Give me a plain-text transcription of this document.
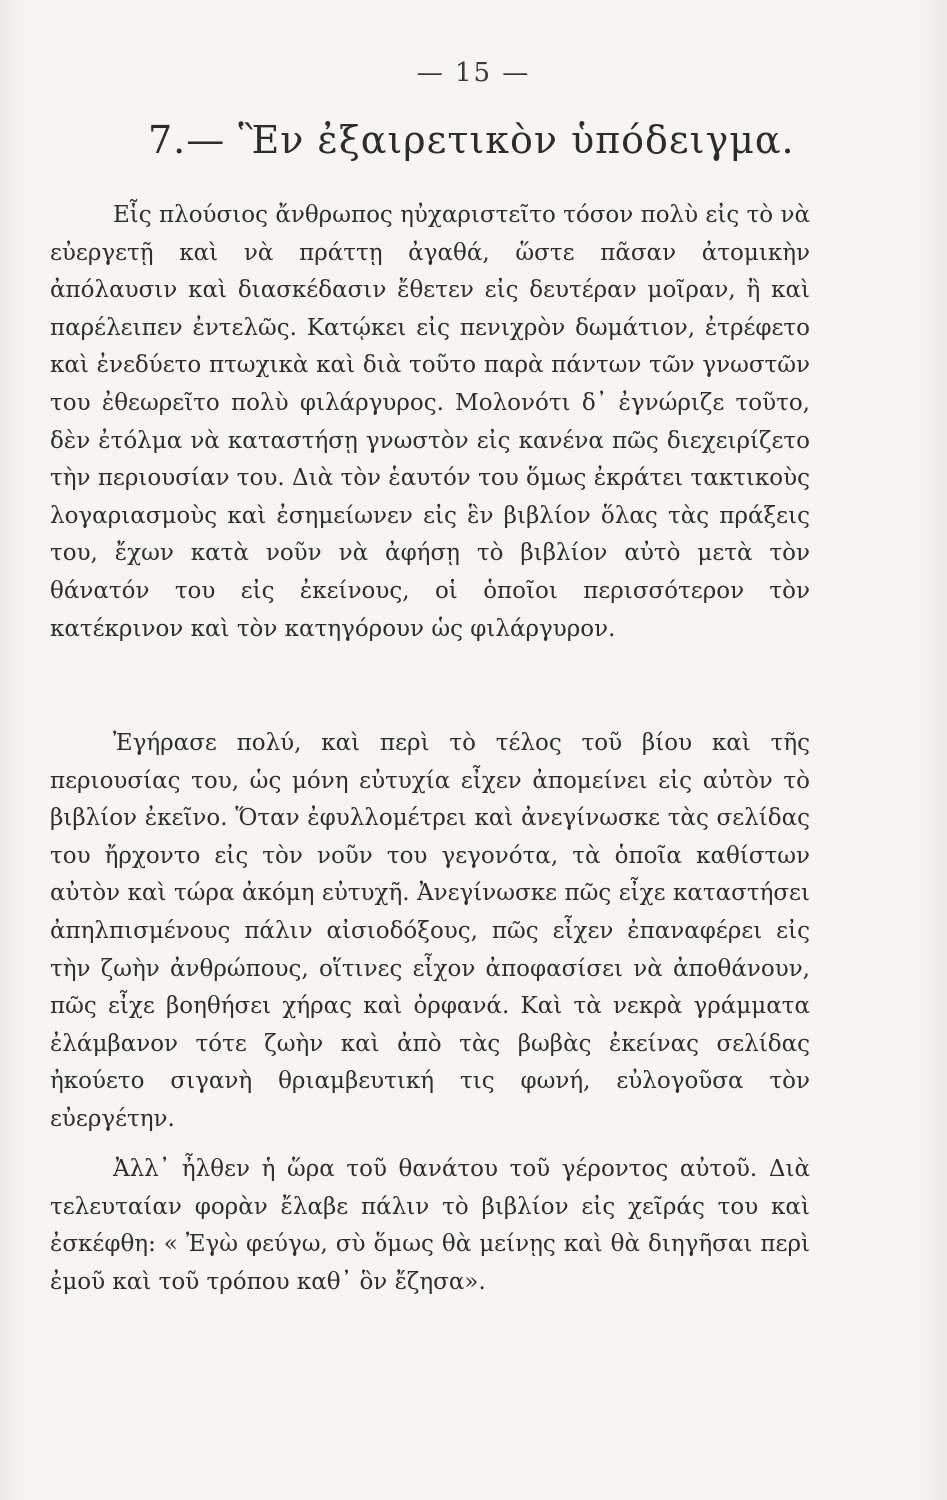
— 15 —
7.— Ἓν ἐξαιρετικὸν ὑπόδειγμα.

Εἷς πλούσιος ἄνθρωπος ηὐχαριστεῖτο τόσον πολὺ εἰς τὸ νὰ εὐεργετῇ καὶ νὰ πράττῃ ἀγαθά, ὥστε πᾶσαν ἀτομικὴν ἀπόλαυσιν καὶ διασκέδασιν ἔθετεν εἰς δευτέραν μοῖραν, ἢ καὶ παρέλειπεν ἐντελῶς. Κατῴκει εἰς πενιχρὸν δωμάτιον, ἐτρέφετο καὶ ἐνεδύετο πτωχικὰ καὶ διὰ τοῦτο παρὰ πάντων τῶν γνωστῶν του ἐθεωρεῖτο πολὺ φιλάργυρος. Μολονότι δ᾽ ἐγνώριζε τοῦτο, δὲν ἐτόλμα νὰ καταστήσῃ γνωστὸν εἰς κανένα πῶς διεχειρίζετο τὴν περιουσίαν του. Διὰ τὸν ἑαυτόν του ὅμως ἐκράτει τακτικοὺς λογαριασμοὺς καὶ ἐσημείωνεν εἰς ἓν βιβλίον ὅλας τὰς πράξεις του, ἔχων κατὰ νοῦν νὰ ἀφήσῃ τὸ βιβλίον αὐτὸ μετὰ τὸν θάνατόν του εἰς ἐκείνους, οἱ ὁποῖοι περισσότερον τὸν κατέκρινον καὶ τὸν κατηγόρουν ὡς φιλάργυρον.

Ἐγήρασε πολύ, καὶ περὶ τὸ τέλος τοῦ βίου καὶ τῆς περιουσίας του, ὡς μόνη εὐτυχία εἶχεν ἀπομείνει εἰς αὐτὸν τὸ βιβλίον ἐκεῖνο. Ὅταν ἐφυλλομέτρει καὶ ἀνεγίνωσκε τὰς σελίδας του ἤρχοντο εἰς τὸν νοῦν του γεγονότα, τὰ ὁποῖα καθίστων αὐτὸν καὶ τώρα ἀκόμη εὐτυχῆ. Ἀνεγίνωσκε πῶς εἶχε καταστήσει ἀπηλπισμένους πάλιν αἰσιοδόξους, πῶς εἶχεν ἐπαναφέρει εἰς τὴν ζωὴν ἀνθρώπους, οἵτινες εἶχον ἀποφασίσει νὰ ἀποθάνουν, πῶς εἶχε βοηθήσει χήρας καὶ ὀρφανά. Καὶ τὰ νεκρὰ γράμματα ἐλάμβανον τότε ζωὴν καὶ ἀπὸ τὰς βωβὰς ἐκείνας σελίδας ἠκούετο σιγανὴ θριαμβευτική τις φωνή, εὐλογοῦσα τὸν εὐεργέτην.

Ἀλλ᾽ ἦλθεν ἡ ὥρα τοῦ θανάτου τοῦ γέροντος αὐτοῦ. Διὰ τελευταίαν φορὰν ἔλαβε πάλιν τὸ βιβλίον εἰς χεῖράς του καὶ ἐσκέφθη: « Ἐγὼ φεύγω, σὺ ὅμως θὰ μείνῃς καὶ θὰ διηγῆσαι περὶ ἐμοῦ καὶ τοῦ τρόπου καθ᾽ ὃν ἔζησα».
